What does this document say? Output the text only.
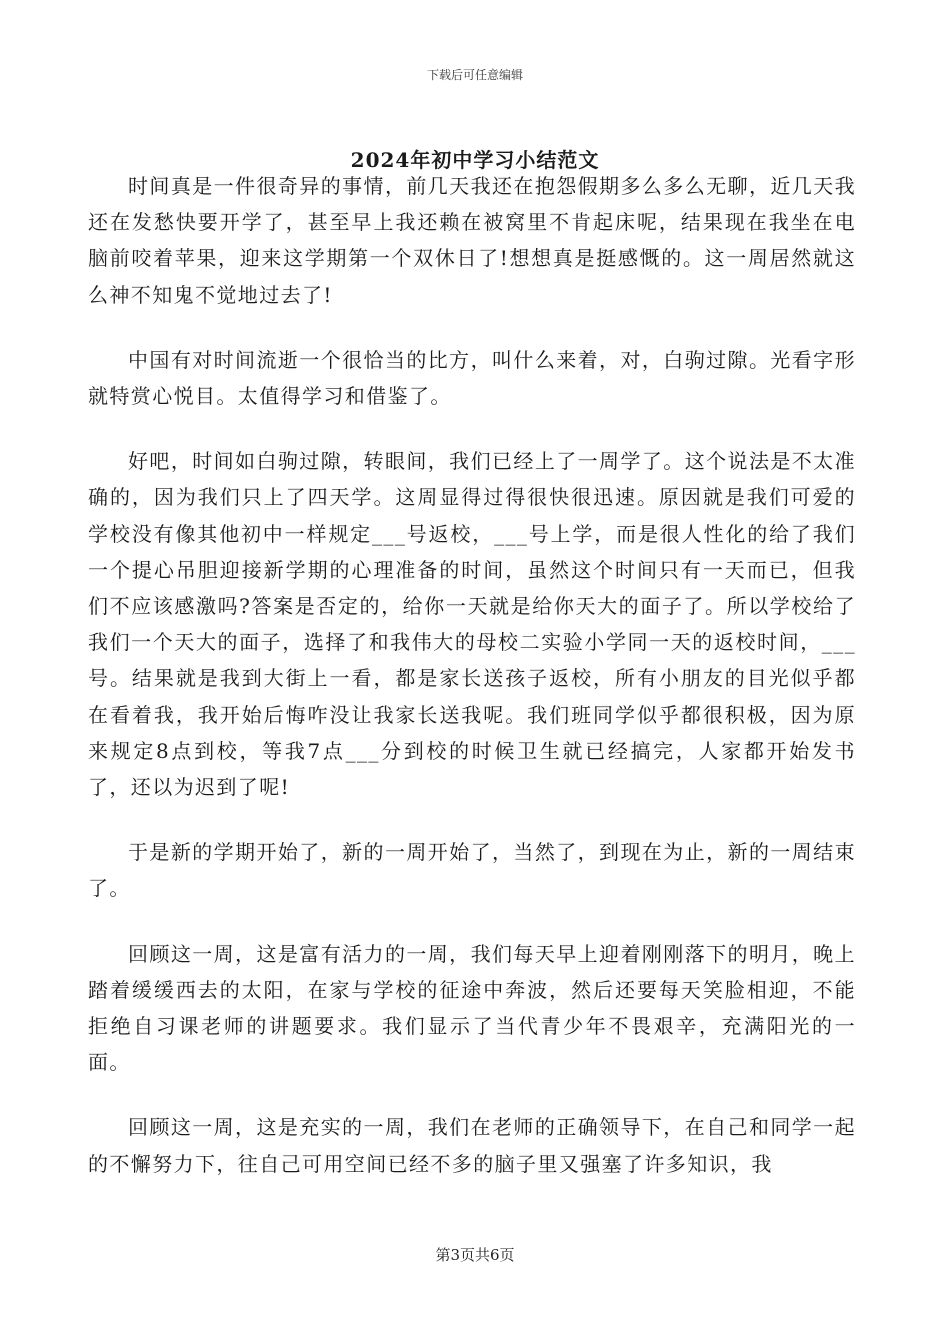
下载后可任意编辑
2024年初中学习小结范文

时间真是一件很奇异的事情，前几天我还在抱怨假期多么多么无聊，近几天我还在发愁快要开学了，甚至早上我还赖在被窝里不肯起床呢，结果现在我坐在电脑前咬着苹果，迎来这学期第一个双休日了!想想真是挺感慨的。这一周居然就这么神不知鬼不觉地过去了!

中国有对时间流逝一个很恰当的比方，叫什么来着，对，白驹过隙。光看字形就特赏心悦目。太值得学习和借鉴了。

好吧，时间如白驹过隙，转眼间，我们已经上了一周学了。这个说法是不太准确的，因为我们只上了四天学。这周显得过得很快很迅速。原因就是我们可爱的学校没有像其他初中一样规定___号返校，___号上学，而是很人性化的给了我们一个提心吊胆迎接新学期的心理准备的时间，虽然这个时间只有一天而已，但我们不应该感激吗?答案是否定的，给你一天就是给你天大的面子了。所以学校给了我们一个天大的面子，选择了和我伟大的母校二实验小学同一天的返校时间，___号。结果就是我到大街上一看，都是家长送孩子返校，所有小朋友的目光似乎都在看着我，我开始后悔咋没让我家长送我呢。我们班同学似乎都很积极，因为原来规定8点到校，等我7点___分到校的时候卫生就已经搞完，人家都开始发书了，还以为迟到了呢!

于是新的学期开始了，新的一周开始了，当然了，到现在为止，新的一周结束了。

回顾这一周，这是富有活力的一周，我们每天早上迎着刚刚落下的明月，晚上踏着缓缓西去的太阳，在家与学校的征途中奔波，然后还要每天笑脸相迎，不能拒绝自习课老师的讲题要求。我们显示了当代青少年不畏艰辛，充满阳光的一面。

回顾这一周，这是充实的一周，我们在老师的正确领导下，在自己和同学一起的不懈努力下，往自己可用空间已经不多的脑子里又强塞了许多知识，我

第3页共6页
